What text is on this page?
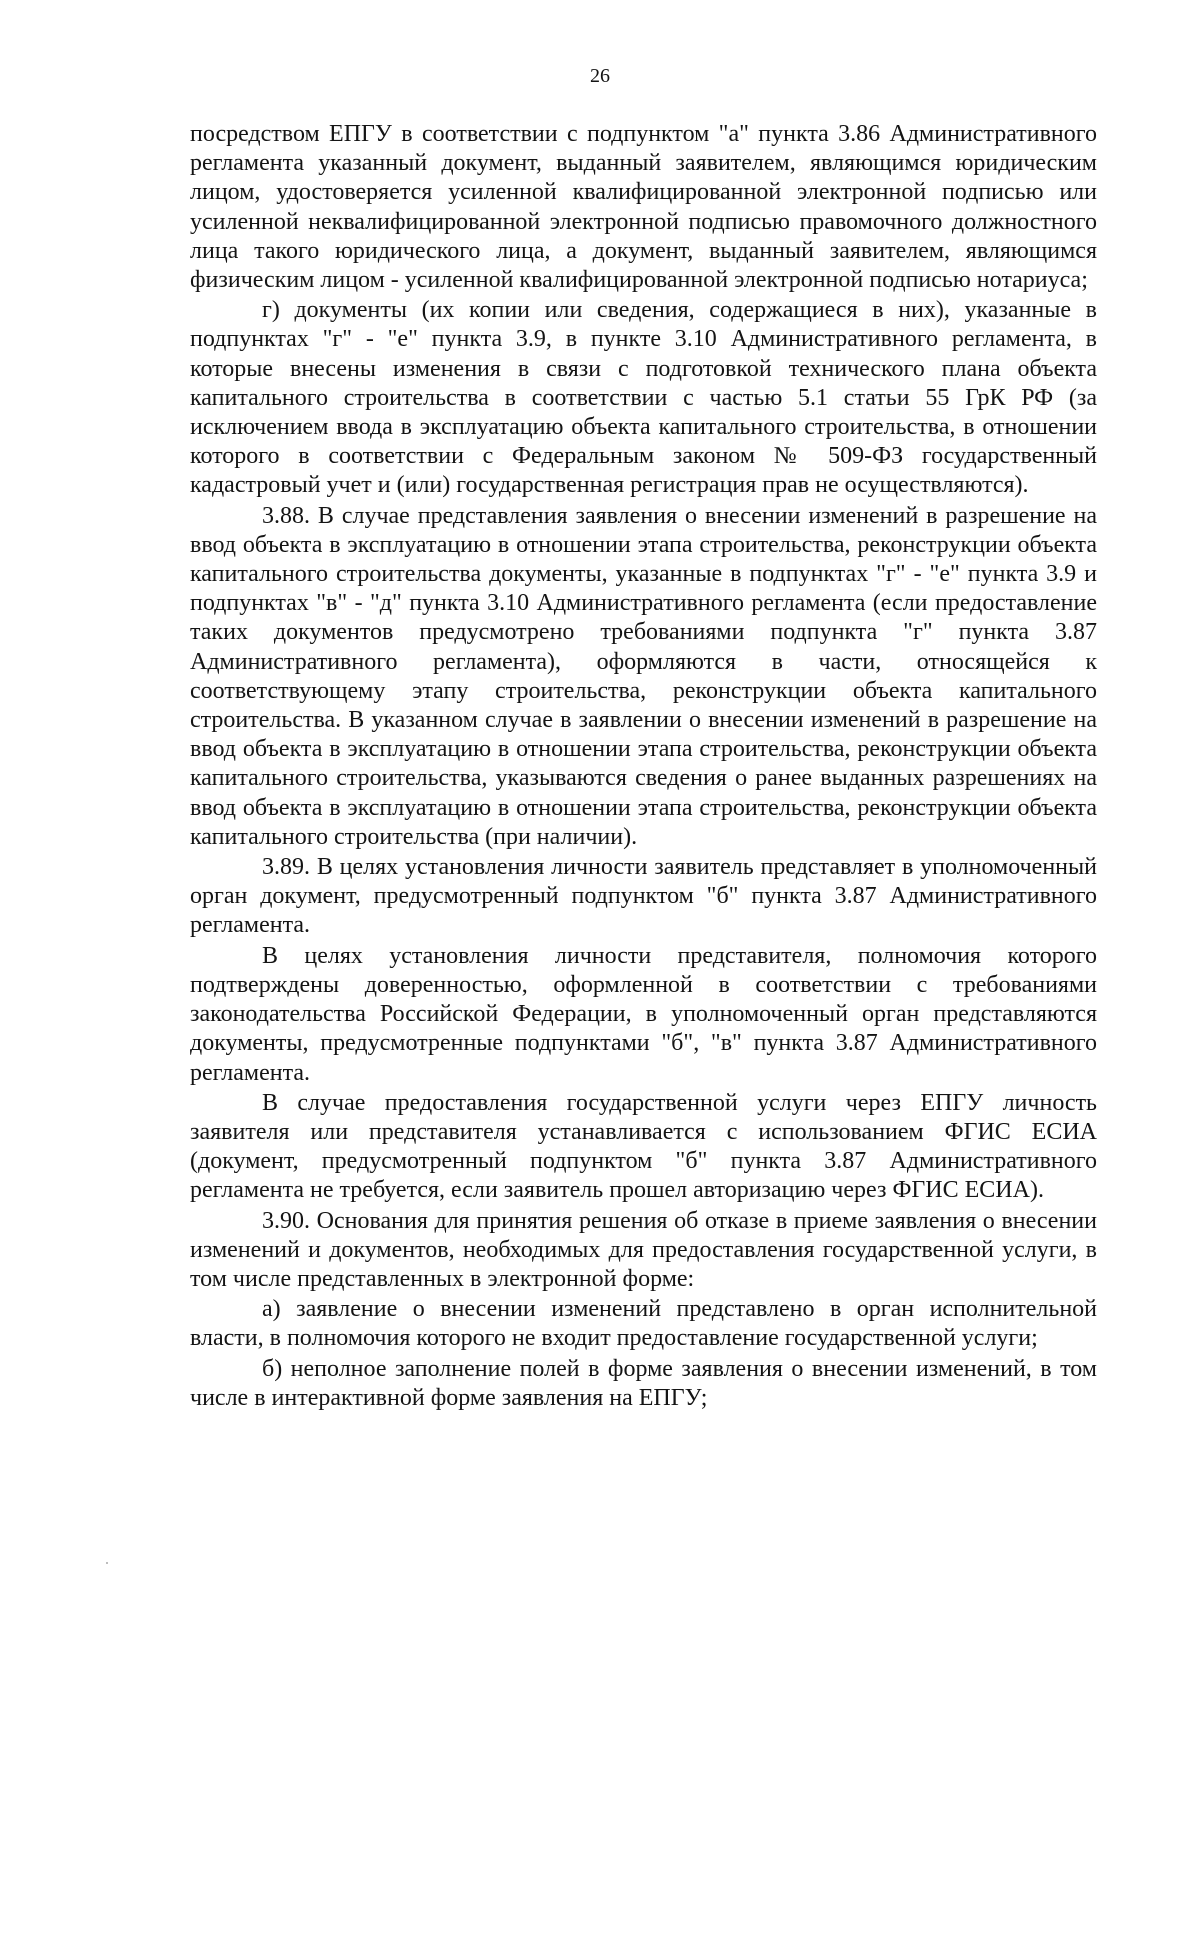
26

посредством ЕПГУ в соответствии с подпунктом "а" пункта 3.86 Административного регламента указанный документ, выданный заявителем, являющимся юридическим лицом, удостоверяется усиленной квалифицированной электронной подписью или усиленной неквалифицированной электронной подписью правомочного должностного лица такого юридического лица, а документ, выданный заявителем, являющимся физическим лицом - усиленной квалифицированной электронной подписью нотариуса;

г) документы (их копии или сведения, содержащиеся в них), указанные в подпунктах "г" - "е" пункта 3.9, в пункте 3.10 Административного регламента, в которые внесены изменения в связи с подготовкой технического плана объекта капитального строительства в соответствии с частью 5.1 статьи 55 ГрК РФ (за исключением ввода в эксплуатацию объекта капитального строительства, в отношении которого в соответствии с Федеральным законом № 509-ФЗ государственный кадастровый учет и (или) государственная регистрация прав не осуществляются).

3.88. В случае представления заявления о внесении изменений в разрешение на ввод объекта в эксплуатацию в отношении этапа строительства, реконструкции объекта капитального строительства документы, указанные в подпунктах "г" - "е" пункта 3.9 и подпунктах "в" - "д" пункта 3.10 Административного регламента (если предоставление таких документов предусмотрено требованиями подпункта "г" пункта 3.87 Административного регламента), оформляются в части, относящейся к соответствующему этапу строительства, реконструкции объекта капитального строительства. В указанном случае в заявлении о внесении изменений в разрешение на ввод объекта в эксплуатацию в отношении этапа строительства, реконструкции объекта капитального строительства, указываются сведения о ранее выданных разрешениях на ввод объекта в эксплуатацию в отношении этапа строительства, реконструкции объекта капитального строительства (при наличии).

3.89. В целях установления личности заявитель представляет в уполномоченный орган документ, предусмотренный подпунктом "б" пункта 3.87 Административного регламента.

В целях установления личности представителя, полномочия которого подтверждены доверенностью, оформленной в соответствии с требованиями законодательства Российской Федерации, в уполномоченный орган представляются документы, предусмотренные подпунктами "б", "в" пункта 3.87 Административного регламента.

В случае предоставления государственной услуги через ЕПГУ личность заявителя или представителя устанавливается с использованием ФГИС ЕСИА (документ, предусмотренный подпунктом "б" пункта 3.87 Административного регламента не требуется, если заявитель прошел авторизацию через ФГИС ЕСИА).

3.90. Основания для принятия решения об отказе в приеме заявления о внесении изменений и документов, необходимых для предоставления государственной услуги, в том числе представленных в электронной форме:

а) заявление о внесении изменений представлено в орган исполнительной власти, в полномочия которого не входит предоставление государственной услуги;

б) неполное заполнение полей в форме заявления о внесении изменений, в том числе в интерактивной форме заявления на ЕПГУ;
